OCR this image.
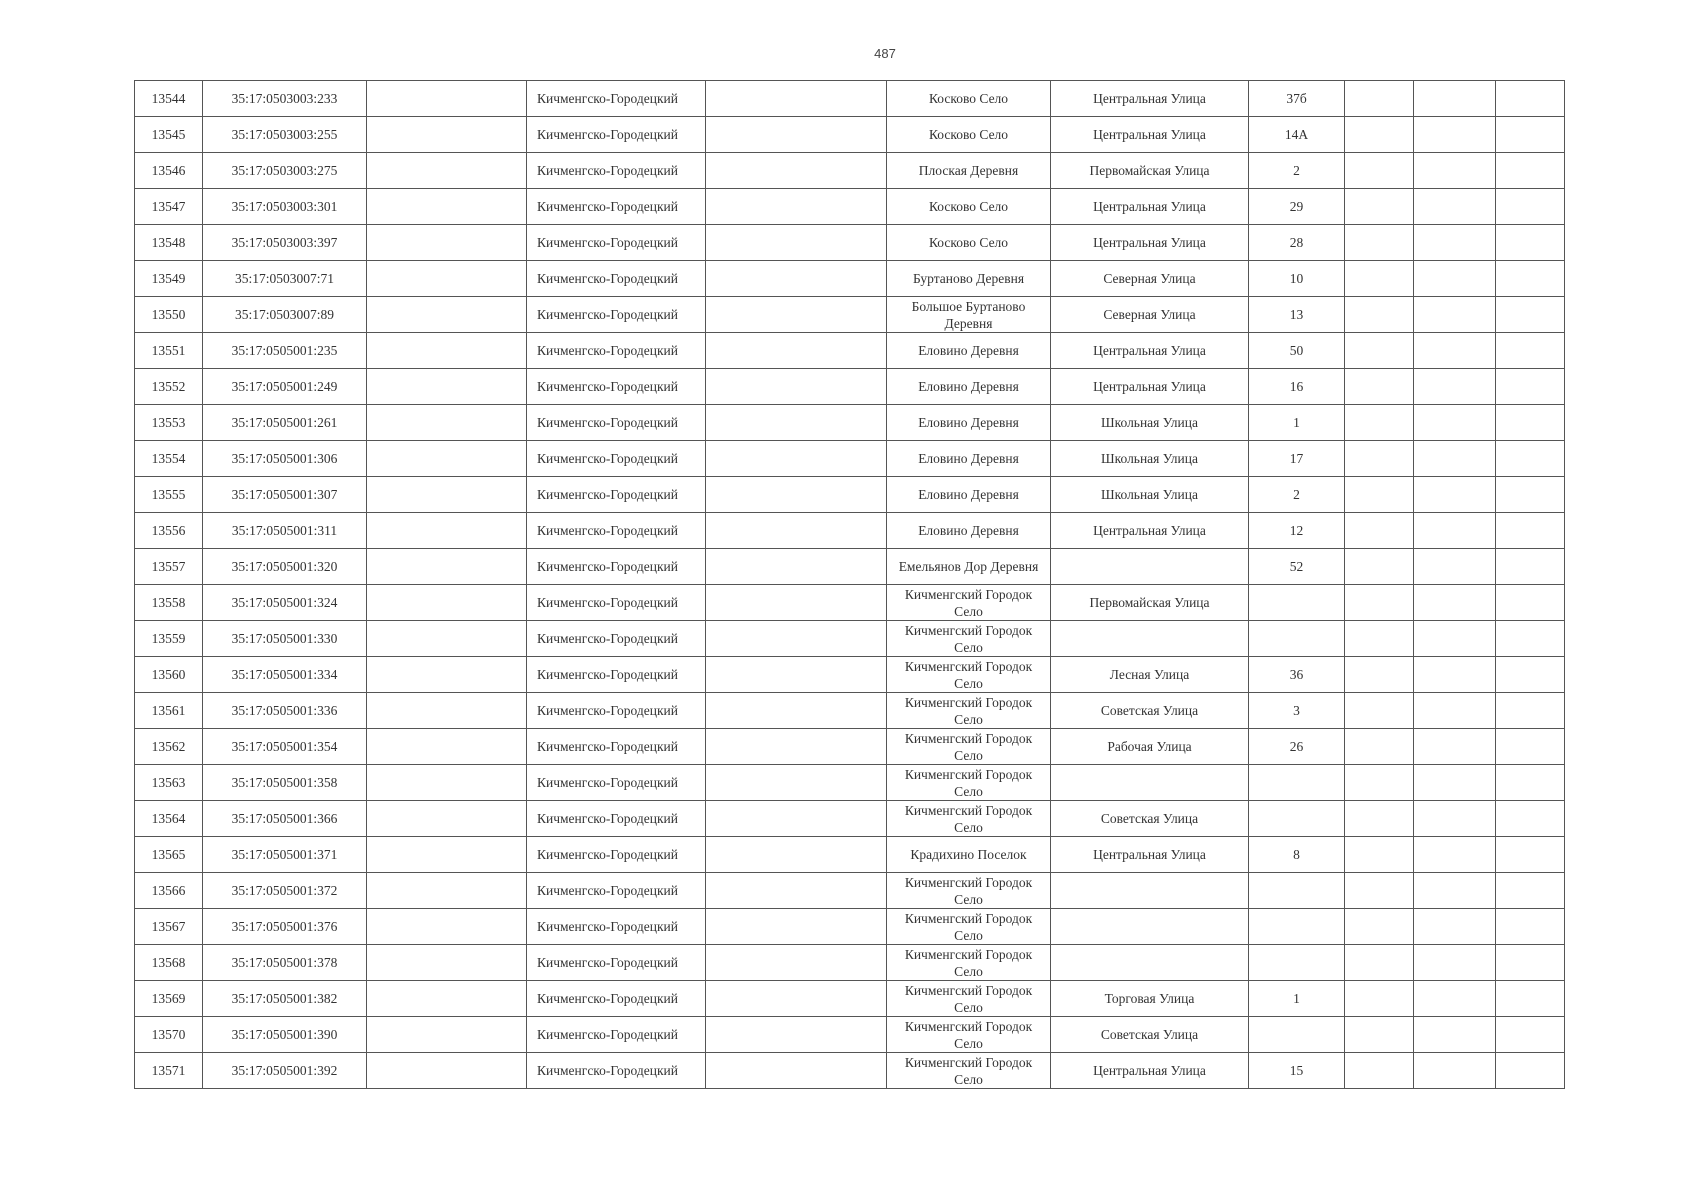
487
13544	35:17:0503003:233		Кичменгско-Городецкий		Косково Село	Центральная Улица	37б			
13545	35:17:0503003:255		Кичменгско-Городецкий		Косково Село	Центральная Улица	14А			
13546	35:17:0503003:275		Кичменгско-Городецкий		Плоская Деревня	Первомайская Улица	2			
13547	35:17:0503003:301		Кичменгско-Городецкий		Косково Село	Центральная Улица	29			
13548	35:17:0503003:397		Кичменгско-Городецкий		Косково Село	Центральная Улица	28			
13549	35:17:0503007:71		Кичменгско-Городецкий		Буртаново Деревня	Северная Улица	10			
13550	35:17:0503007:89		Кичменгско-Городецкий		Большое Буртаново Деревня	Северная Улица	13			
13551	35:17:0505001:235		Кичменгско-Городецкий		Еловино Деревня	Центральная Улица	50			
13552	35:17:0505001:249		Кичменгско-Городецкий		Еловино Деревня	Центральная Улица	16			
13553	35:17:0505001:261		Кичменгско-Городецкий		Еловино Деревня	Школьная Улица	1			
13554	35:17:0505001:306		Кичменгско-Городецкий		Еловино Деревня	Школьная Улица	17			
13555	35:17:0505001:307		Кичменгско-Городецкий		Еловино Деревня	Школьная Улица	2			
13556	35:17:0505001:311		Кичменгско-Городецкий		Еловино Деревня	Центральная Улица	12			
13557	35:17:0505001:320		Кичменгско-Городецкий		Емельянов Дор Деревня		52			
13558	35:17:0505001:324		Кичменгско-Городецкий		Кичменгский Городок Село	Первомайская Улица				
13559	35:17:0505001:330		Кичменгско-Городецкий		Кичменгский Городок Село					
13560	35:17:0505001:334		Кичменгско-Городецкий		Кичменгский Городок Село	Лесная Улица	36			
13561	35:17:0505001:336		Кичменгско-Городецкий		Кичменгский Городок Село	Советская Улица	3			
13562	35:17:0505001:354		Кичменгско-Городецкий		Кичменгский Городок Село	Рабочая Улица	26			
13563	35:17:0505001:358		Кичменгско-Городецкий		Кичменгский Городок Село					
13564	35:17:0505001:366		Кичменгско-Городецкий		Кичменгский Городок Село	Советская Улица				
13565	35:17:0505001:371		Кичменгско-Городецкий		Крадихино Поселок	Центральная Улица	8			
13566	35:17:0505001:372		Кичменгско-Городецкий		Кичменгский Городок Село					
13567	35:17:0505001:376		Кичменгско-Городецкий		Кичменгский Городок Село					
13568	35:17:0505001:378		Кичменгско-Городецкий		Кичменгский Городок Село					
13569	35:17:0505001:382		Кичменгско-Городецкий		Кичменгский Городок Село	Торговая Улица	1			
13570	35:17:0505001:390		Кичменгско-Городецкий		Кичменгский Городок Село	Советская Улица				
13571	35:17:0505001:392		Кичменгско-Городецкий		Кичменгский Городок Село	Центральная Улица	15			
